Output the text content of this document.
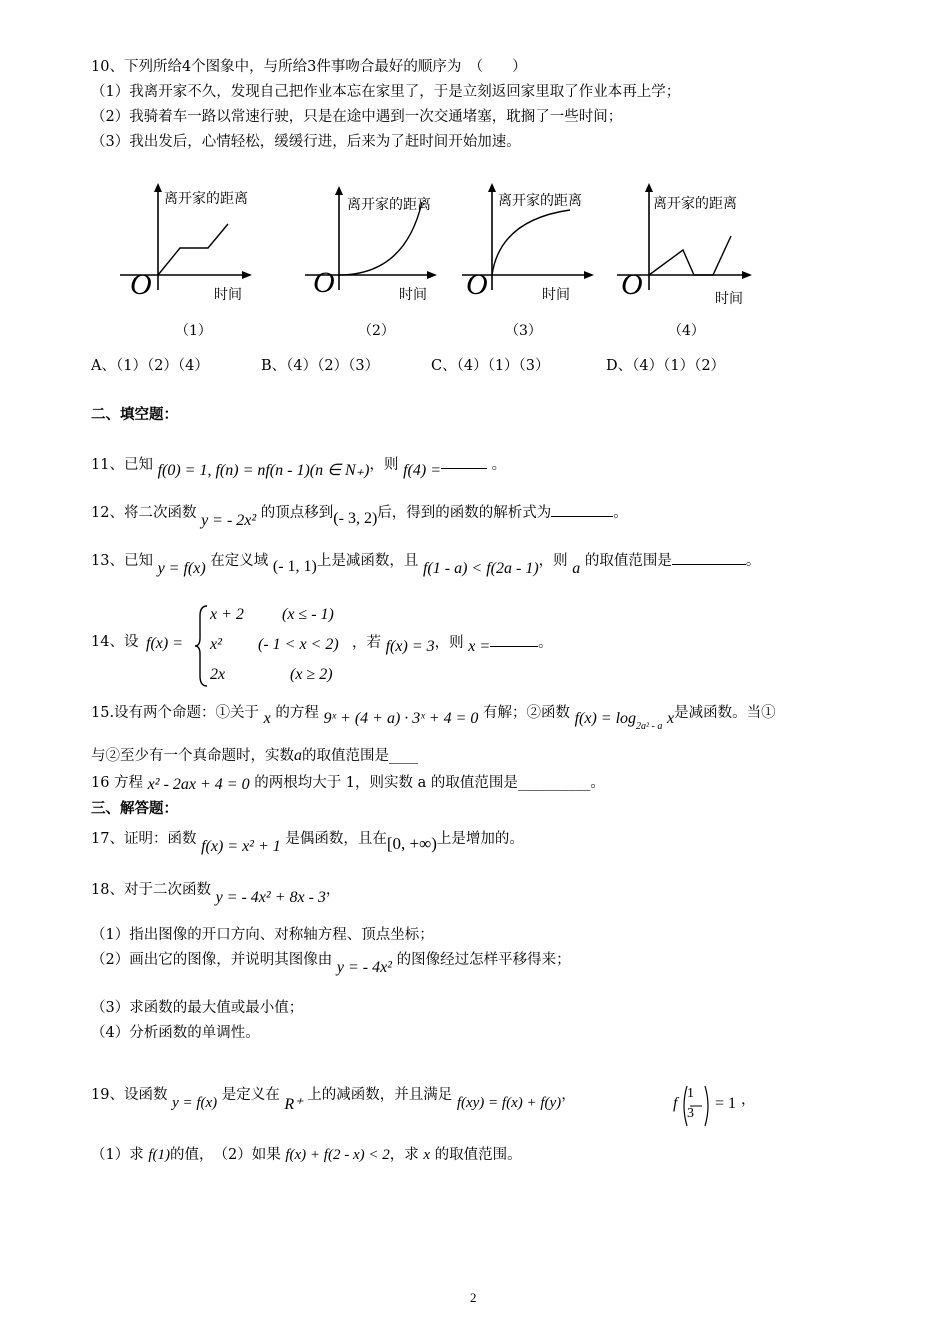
10、下列所给4个图象中，与所给3件事吻合最好的顺序为　（　　）
（1）我离开家不久，发现自己把作业本忘在家里了，于是立刻返回家里取了作业本再上学；
（2）我骑着车一路以常速行驶，只是在途中遇到一次交通堵塞，耽搁了一些时间；
（3）我出发后，心情轻松，缓缓行进，后来为了赶时间开始加速。
离开家的距离
时间
O
（1）
离开家的距离
时间
O
（2）
离开家的距离
时间
O
（3）
离开家的距离
时间
O
（4）
A、（1）（2）（4）	B、（4）（2）（3）	C、（4）（1）（3）	D、（4）（1）（2）
二、填空题：
11、已知 f(0) = 1, f(n) = nf(n - 1)(n ∈ N₊)，则 f(4) =	。
12、将二次函数 y = - 2x² 的顶点移到(- 3, 2)后，得到的函数的解析式为	。
13、已知 y = f(x) 在定义域 (- 1, 1)上是减函数，且 f(1 - a) < f(2a - 1)，则 a 的取值范围是	。
14、设 f(x) =
x + 2 (x ≤ - 1)
x² (- 1 < x < 2)
2x	(x ≥ 2)
，若 f(x) = 3，则 x =	。
15.设有两个命题：①关于 x 的方程 9ˣ + (4 + a) · 3ˣ + 4 = 0 有解；②函数 $f(x) = \log_{2a^2 - a} x$是减函数。当①
与②至少有一个真命题时，实数a的取值范围是____
16 方程 x² - 2ax + 4 = 0 的两根均大于 1，则实数 a 的取值范围是__________。
三、解答题：
17、证明：函数 f(x) = x² + 1 是偶函数，且在[0, +∞)上是增加的。
18、对于二次函数 y = - 4x² + 8x - 3，
（1）指出图像的开口方向、对称轴方程、顶点坐标；
（2）画出它的图像，并说明其图像由 y = - 4x² 的图像经过怎样平移得来；
（3）求函数的最大值或最小值；
（4）分析函数的单调性。
19、设函数 y = f(x) 是定义在 R⁺ 上的减函数，并且满足 f(xy) = f(x) + f(y)，	f
1
3
= 1 ，
（1）求 f(1)的值，　（2）如果 f(x) + f(2 - x) < 2，求 x 的取值范围。
2
